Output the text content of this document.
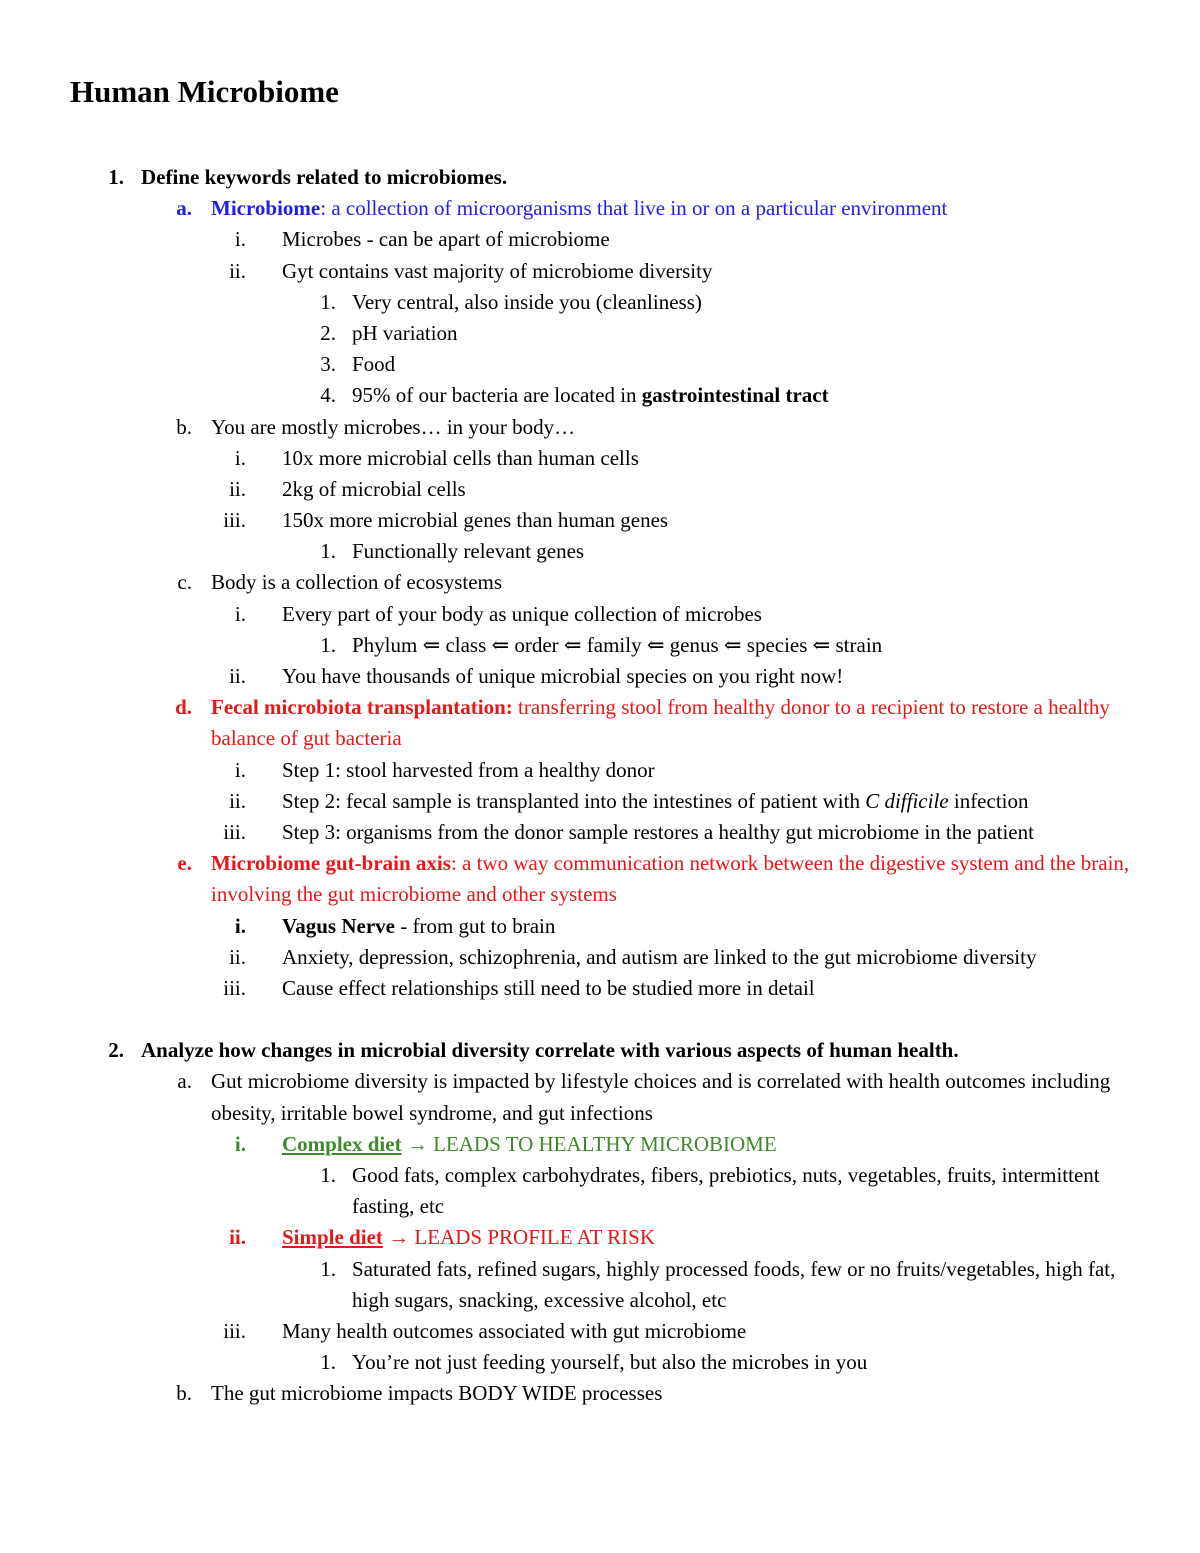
Human Microbiome
1. Define keywords related to microbiomes.
a. Microbiome: a collection of microorganisms that live in or on a particular environment
i. Microbes - can be apart of microbiome
ii. Gyt contains vast majority of microbiome diversity
1. Very central, also inside you (cleanliness)
2. pH variation
3. Food
4. 95% of our bacteria are located in gastrointestinal tract
b. You are mostly microbes… in your body…
i. 10x more microbial cells than human cells
ii. 2kg of microbial cells
iii. 150x more microbial genes than human genes
1. Functionally relevant genes
c. Body is a collection of ecosystems
i. Every part of your body as unique collection of microbes
1. Phylum ⇐ class ⇐ order ⇐ family ⇐ genus ⇐ species ⇐ strain
ii. You have thousands of unique microbial species on you right now!
d. Fecal microbiota transplantation: transferring stool from healthy donor to a recipient to restore a healthy balance of gut bacteria
i. Step 1: stool harvested from a healthy donor
ii. Step 2: fecal sample is transplanted into the intestines of patient with C difficile infection
iii. Step 3: organisms from the donor sample restores a healthy gut microbiome in the patient
e. Microbiome gut-brain axis: a two way communication network between the digestive system and the brain, involving the gut microbiome and other systems
i. Vagus Nerve - from gut to brain
ii. Anxiety, depression, schizophrenia, and autism are linked to the gut microbiome diversity
iii. Cause effect relationships still need to be studied more in detail
2. Analyze how changes in microbial diversity correlate with various aspects of human health.
a. Gut microbiome diversity is impacted by lifestyle choices and is correlated with health outcomes including obesity, irritable bowel syndrome, and gut infections
i. Complex diet → LEADS TO HEALTHY MICROBIOME
1. Good fats, complex carbohydrates, fibers, prebiotics, nuts, vegetables, fruits, intermittent fasting, etc
ii. Simple diet → LEADS PROFILE AT RISK
1. Saturated fats, refined sugars, highly processed foods, few or no fruits/vegetables, high fat, high sugars, snacking, excessive alcohol, etc
iii. Many health outcomes associated with gut microbiome
1. You’re not just feeding yourself, but also the microbes in you
b. The gut microbiome impacts BODY WIDE processes
